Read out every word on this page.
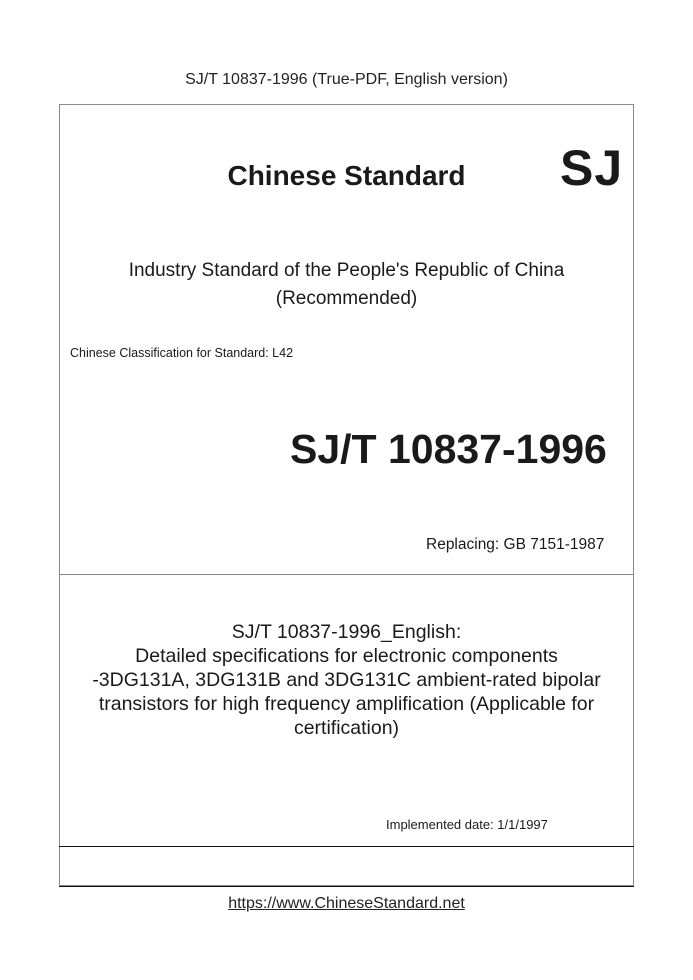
SJ/T 10837-1996 (True-PDF, English version)
Chinese Standard	SJ
Industry Standard of the People's Republic of China
(Recommended)
Chinese Classification for Standard: L42
SJ/T 10837-1996
Replacing: GB 7151-1987
SJ/T 10837-1996_English:
Detailed specifications for electronic components
-3DG131A, 3DG131B and 3DG131C ambient-rated bipolar
transistors for high frequency amplification (Applicable for
certification)
Implemented date: 1/1/1997
https://www.ChineseStandard.net
